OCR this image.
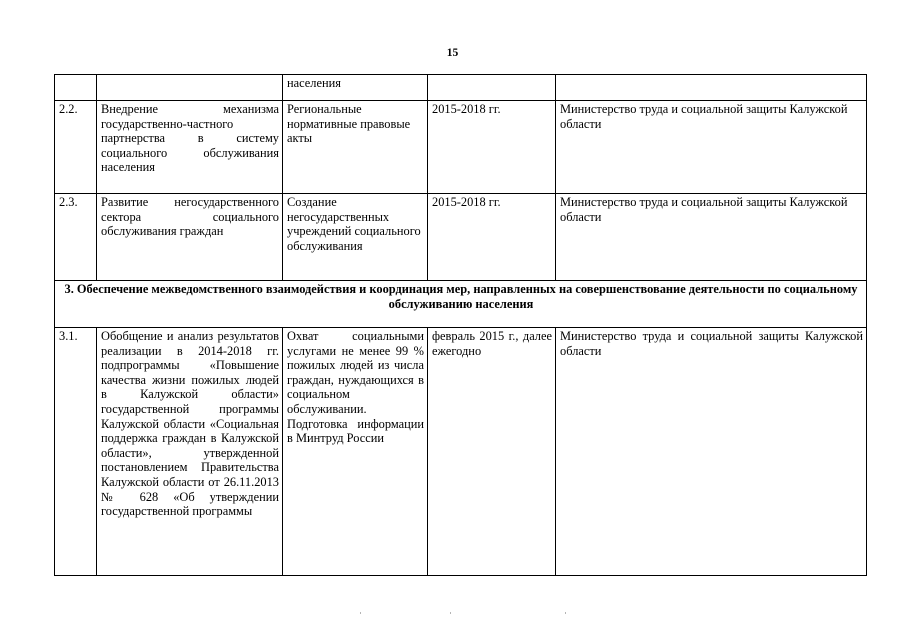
15
		населения		
2.2.	Внедрение механизма государственно-частного партнерства в систему социального обслуживания населения	Региональные нормативные правовые акты	2015-2018 гг.	Министерство труда и социальной защиты Калужской области
2.3.	Развитие негосударственного сектора социального обслуживания граждан	Создание негосударственных учреждений социального обслуживания	2015-2018 гг.	Министерство труда и социальной защиты Калужской области
3. Обеспечение межведомственного взаимодействия и координация мер, направленных на совершенствование деятельности по социальному обслуживанию населения				
3.1.	Обобщение и анализ результатов реализации в 2014-2018 гг. подпрограммы «Повышение качества жизни пожилых людей в Калужской области» государственной программы Калужской области «Социальная поддержка граждан в Калужской области», утвержденной постановлением Правительства Калужской области от 26.11.2013 № 628 «Об утверждении государственной программы	Охват социальными услугами не менее 99 % пожилых людей из числа граждан, нуждающихся в социальном обслуживании. Подготовка информации в Минтруд России	февраль 2015 г., далее ежегодно	Министерство труда и социальной защиты Калужской области
